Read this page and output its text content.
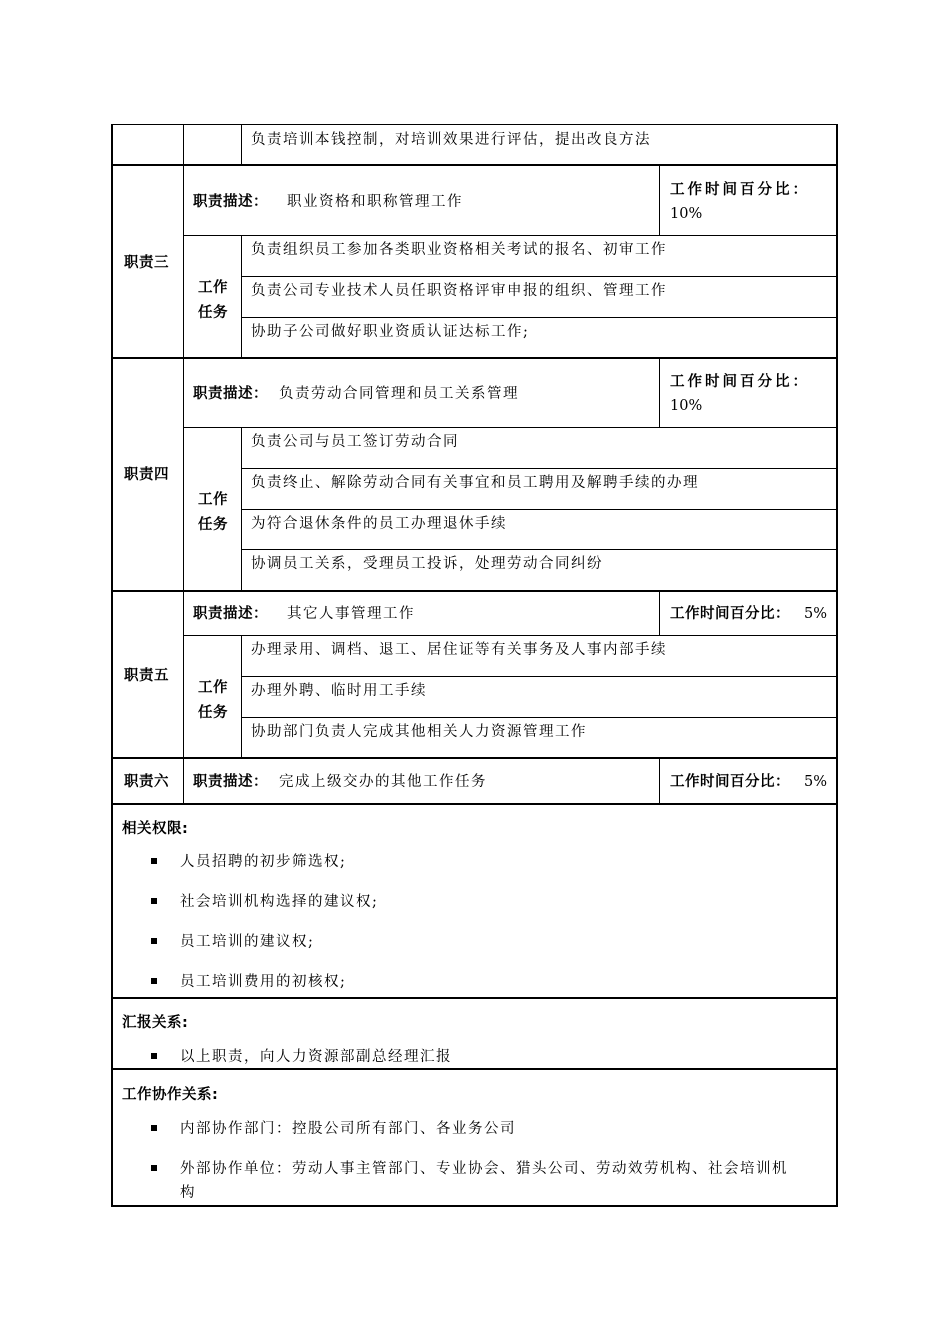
负责培训本钱控制，对培训效果进行评估，提出改良方法
职责三
职责描述： 职业资格和职称管理工作
工作时间百分比：
10%
工作任务
负责组织员工参加各类职业资格相关考试的报名、初审工作
负责公司专业技术人员任职资格评审申报的组织、管理工作
协助子公司做好职业资质认证达标工作;
职责四
职责描述： 负责劳动合同管理和员工关系管理
工作时间百分比：
10%
工作任务
负责公司与员工签订劳动合同
负责终止、解除劳动合同有关事宜和员工聘用及解聘手续的办理
为符合退休条件的员工办理退休手续
协调员工关系，受理员工投诉，处理劳动合同纠纷
职责五
职责描述： 其它人事管理工作	工作时间百分比： 5%
工作任务
办理录用、调档、退工、居住证等有关事务及人事内部手续
办理外聘、临时用工手续
协助部门负责人完成其他相关人力资源管理工作
职责六 职责描述： 完成上级交办的其他工作任务	工作时间百分比： 5%
相关权限:
人员招聘的初步筛选权;
社会培训机构选择的建议权;
员工培训的建议权;
员工培训费用的初核权;
汇报关系:
以上职责，向人力资源部副总经理汇报
工作协作关系:
内部协作部门：控股公司所有部门、各业务公司
外部协作单位：劳动人事主管部门、专业协会、猎头公司、劳动效劳机构、社会培训机
构
